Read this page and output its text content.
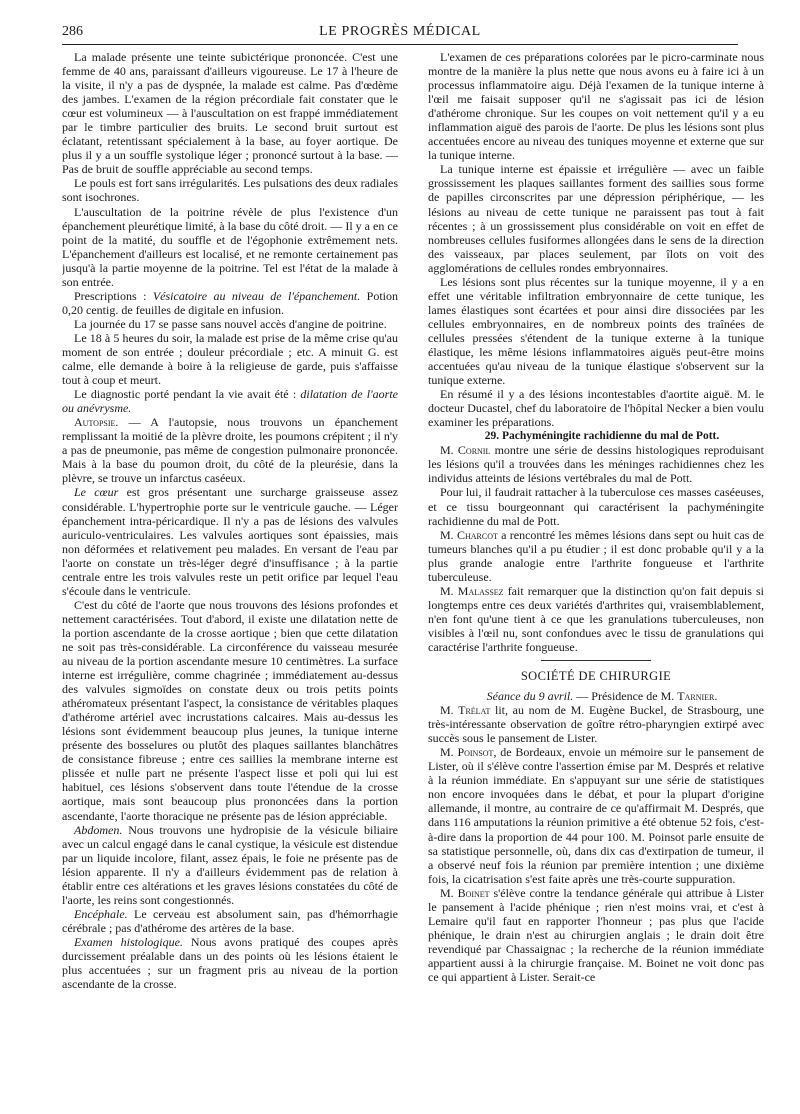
286	LE PROGRÈS MÉDICAL

La malade présente une teinte subictérique prononcée. C'est une femme de 40 ans, paraissant d'ailleurs vigoureuse. Le 17 à l'heure de la visite, il n'y a pas de dyspnée, la malade est calme. Pas d'œdème des jambes. L'examen de la région précordiale fait constater que le cœur est volumineux — à l'auscultation on est frappé immédiatement par le timbre particulier des bruits. Le second bruit surtout est éclatant, retentissant spécialement à la base, au foyer aortique. De plus il y a un souffle systolique léger ; prononcé surtout à la base. — Pas de bruit de souffle appréciable au second temps.

Le pouls est fort sans irrégularités. Les pulsations des deux radiales sont isochrones.

L'auscultation de la poitrine révèle de plus l'existence d'un épanchement pleurétique limité, à la base du côté droit. — Il y a en ce point de la matité, du souffle et de l'égophonie extrêmement nets. L'épanchement d'ailleurs est localisé, et ne remonte certainement pas jusqu'à la partie moyenne de la poitrine. Tel est l'état de la malade à son entrée.

Prescriptions : Vésicatoire au niveau de l'épanchement. Potion 0,20 centig. de feuilles de digitale en infusion.

La journée du 17 se passe sans nouvel accès d'angine de poitrine.

Le 18 à 5 heures du soir, la malade est prise de la même crise qu'au moment de son entrée ; douleur précordiale ; etc. A minuit G. est calme, elle demande à boire à la religieuse de garde, puis s'affaisse tout à coup et meurt.

Le diagnostic porté pendant la vie avait été : dilatation de l'aorte ou anévrysme.

Autopsie. — A l'autopsie, nous trouvons un épanchement remplissant la moitié de la plèvre droite, les poumons crépitent ; il n'y a pas de pneumonie, pas même de congestion pulmonaire prononcée. Mais à la base du poumon droit, du côté de la pleurésie, dans la plèvre, se trouve un infarctus caséeux.

Le cœur est gros présentant une surcharge graisseuse assez considérable. L'hypertrophie porte sur le ventricule gauche. — Léger épanchement intra-péricardique. Il n'y a pas de lésions des valvules auriculo-ventriculaires. Les valvules aortiques sont épaissies, mais non déformées et relativement peu malades. En versant de l'eau par l'aorte on constate un très-léger degré d'insuffisance ; à la partie centrale entre les trois valvules reste un petit orifice par lequel l'eau s'écoule dans le ventricule.

C'est du côté de l'aorte que nous trouvons des lésions profondes et nettement caractérisées. Tout d'abord, il existe une dilatation nette de la portion ascendante de la crosse aortique ; bien que cette dilatation ne soit pas très-considérable. La circonférence du vaisseau mesurée au niveau de la portion ascendante mesure 10 centimètres. La surface interne est irrégulière, comme chagrinée ; immédiatement au-dessus des valvules sigmoïdes on constate deux ou trois petits points athéromateux présentant l'aspect, la consistance de véritables plaques d'athérome artériel avec incrustations calcaires. Mais au-dessus les lésions sont évidemment beaucoup plus jeunes, la tunique interne présente des bosselures ou plutôt des plaques saillantes blanchâtres de consistance fibreuse ; entre ces saillies la membrane interne est plissée et nulle part ne présente l'aspect lisse et poli qui lui est habituel, ces lésions s'observent dans toute l'étendue de la crosse aortique, mais sont beaucoup plus prononcées dans la portion ascendante, l'aorte thoracique ne présente pas de lésion appréciable.

Abdomen. Nous trouvons une hydropisie de la vésicule biliaire avec un calcul engagé dans le canal cystique, la vésicule est distendue par un liquide incolore, filant, assez épais, le foie ne présente pas de lésion apparente. Il n'y a d'ailleurs évidemment pas de relation à établir entre ces altérations et les graves lésions constatées du côté de l'aorte, les reins sont congestionnés.

Encéphale. Le cerveau est absolument sain, pas d'hémorrhagie cérébrale ; pas d'athérome des artères de la base.

Examen histologique. Nous avons pratiqué des coupes après durcissement préalable dans un des points où les lésions étaient le plus accentuées ; sur un fragment pris au niveau de la portion ascendante de la crosse.

L'examen de ces préparations colorées par le picro-carminate nous montre de la manière la plus nette que nous avons eu à faire ici à un processus inflammatoire aigu. Déjà l'examen de la tunique interne à l'œil me faisait supposer qu'il ne s'agissait pas ici de lésion d'athérome chronique. Sur les coupes on voit nettement qu'il y a eu inflammation aiguë des parois de l'aorte. De plus les lésions sont plus accentuées encore au niveau des tuniques moyenne et externe que sur la tunique interne.

La tunique interne est épaissie et irrégulière — avec un faible grossissement les plaques saillantes forment des saillies sous forme de papilles circonscrites par une dépression périphérique, — les lésions au niveau de cette tunique ne paraissent pas tout à fait récentes ; à un grossissement plus considérable on voit en effet de nombreuses cellules fusiformes allongées dans le sens de la direction des vaisseaux, par places seulement, par îlots on voit des agglomérations de cellules rondes embryonnaires.

Les lésions sont plus récentes sur la tunique moyenne, il y a en effet une véritable infiltration embryonnaire de cette tunique, les lames élastiques sont écartées et pour ainsi dire dissociées par les cellules embryonnaires, en de nombreux points des traînées de cellules pressées s'étendent de la tunique externe à la tunique élastique, les même lésions inflammatoires aiguës peut-être moins accentuées qu'au niveau de la tunique élastique s'observent sur la tunique externe.

En résumé il y a des lésions incontestables d'aortite aiguë. M. le docteur Ducastel, chef du laboratoire de l'hôpital Necker a bien voulu examiner les préparations.

29. Pachyméningite rachidienne du mal de Pott.

M. Cornil montre une série de dessins histologiques reproduisant les lésions qu'il a trouvées dans les méninges rachidiennes chez les individus atteints de lésions vertébrales du mal de Pott.

Pour lui, il faudrait rattacher à la tuberculose ces masses caséeuses, et ce tissu bourgeonnant qui caractérisent la pachyméningite rachidienne du mal de Pott.

M. Charcot a rencontré les mêmes lésions dans sept ou huit cas de tumeurs blanches qu'il a pu étudier ; il est donc probable qu'il y a la plus grande analogie entre l'arthrite fongueuse et l'arthrite tuberculeuse.

M. Malassez fait remarquer que la distinction qu'on fait depuis si longtemps entre ces deux variétés d'arthrites qui, vraisemblablement, n'en font qu'une tient à ce que les granulations tuberculeuses, non visibles à l'œil nu, sont confondues avec le tissu de granulations qui caractérise l'arthrite fongueuse.

SOCIÉTÉ DE CHIRURGIE

Séance du 9 avril. — Présidence de M. Tarnier.

M. Trélat lit, au nom de M. Eugène Buckel, de Strasbourg, une très-intéressante observation de goître rétro-pharyngien extirpé avec succès sous le pansement de Lister.

M. Poinsot, de Bordeaux, envoie un mémoire sur le pansement de Lister, où il s'élève contre l'assertion émise par M. Després et relative à la réunion immédiate. En s'appuyant sur une série de statistiques non encore invoquées dans le débat, et pour la plupart d'origine allemande, il montre, au contraire de ce qu'affirmait M. Després, que dans 116 amputations la réunion primitive a été obtenue 52 fois, c'est-à-dire dans la proportion de 44 pour 100. M. Poinsot parle ensuite de sa statistique personnelle, où, dans dix cas d'extirpation de tumeur, il a observé neuf fois la réunion par première intention ; une dixième fois, la cicatrisation s'est faite après une très-courte suppuration.

M. Boinet s'élève contre la tendance générale qui attribue à Lister le pansement à l'acide phénique ; rien n'est moins vrai, et c'est à Lemaire qu'il faut en rapporter l'honneur ; pas plus que l'acide phénique, le drain n'est au chirurgien anglais ; le drain doit être revendiqué par Chassaignac ; la recherche de la réunion immédiate appartient aussi à la chirurgie française. M. Boinet ne voit donc pas ce qui appartient à Lister. Serait-ce
